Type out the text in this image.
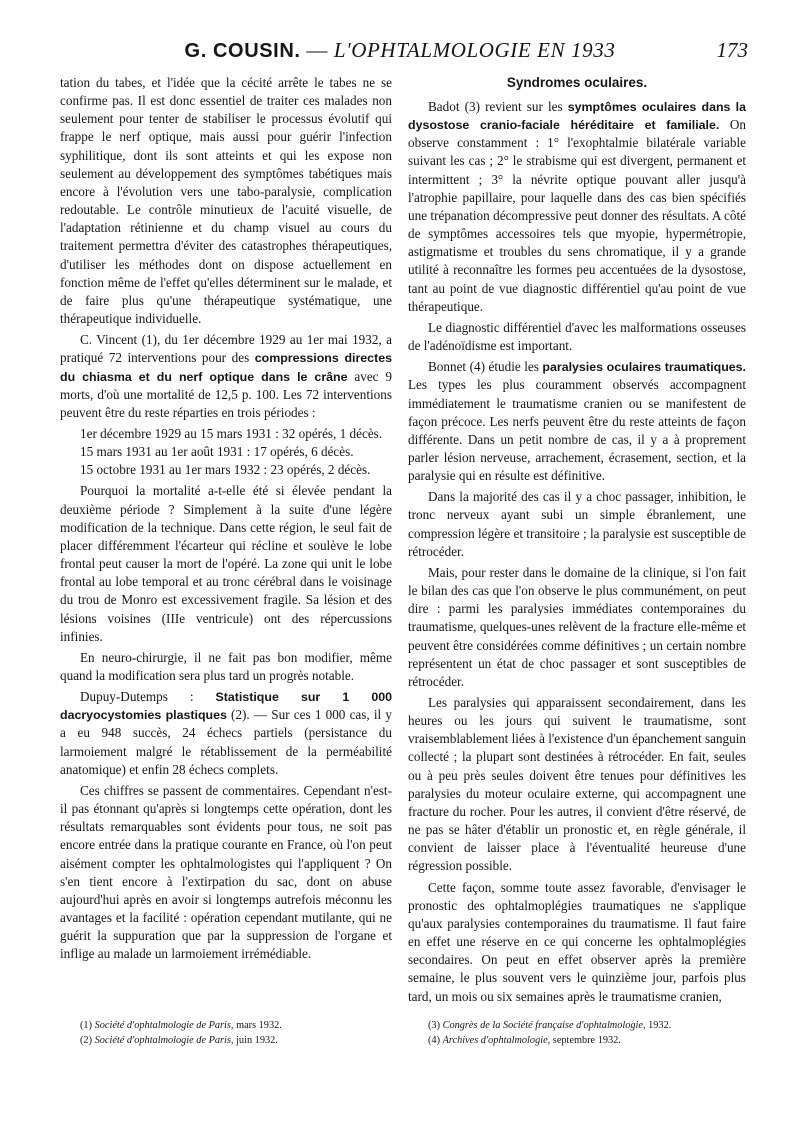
G. COUSIN. — L'OPHTALMOLOGIE EN 1933	173

tation du tabes, et l'idée que la cécité arrête le tabes ne se confirme pas. Il est donc essentiel de traiter ces malades non seulement pour tenter de stabiliser le processus évolutif qui frappe le nerf optique, mais aussi pour guérir l'infection syphilitique, dont ils sont atteints et qui les expose non seulement au développement des symptômes tabétiques mais encore à l'évolution vers une tabo-paralysie, complication redoutable. Le contrôle minutieux de l'acuité visuelle, de l'adaptation rétinienne et du champ visuel au cours du traitement permettra d'éviter des catastrophes thérapeutiques, d'utiliser les méthodes dont on dispose actuellement en fonction même de l'effet qu'elles déterminent sur le malade, et de faire plus qu'une thérapeutique systématique, une thérapeutique individuelle.

C. Vincent (1), du 1er décembre 1929 au 1er mai 1932, a pratiqué 72 interventions pour des compressions directes du chiasma et du nerf optique dans le crâne avec 9 morts, d'où une mortalité de 12,5 p. 100. Les 72 interventions peuvent être du reste réparties en trois périodes :

1er décembre 1929 au 15 mars 1931 : 32 opérés, 1 décès.

15 mars 1931 au 1er août 1931 : 17 opérés, 6 décès.

15 octobre 1931 au 1er mars 1932 : 23 opérés, 2 décès.

Pourquoi la mortalité a-t-elle été si élevée pendant la deuxième période ? Simplement à la suite d'une légère modification de la technique. Dans cette région, le seul fait de placer différemment l'écarteur qui récline et soulève le lobe frontal peut causer la mort de l'opéré. La zone qui unit le lobe frontal au lobe temporal et au tronc cérébral dans le voisinage du trou de Monro est excessivement fragile. Sa lésion et des lésions voisines (IIIe ventricule) ont des répercussions infinies.

En neuro-chirurgie, il ne fait pas bon modifier, même quand la modification sera plus tard un progrès notable.

Dupuy-Dutemps : Statistique sur 1 000 dacryocystomies plastiques (2). — Sur ces 1 000 cas, il y a eu 948 succès, 24 échecs partiels (persistance du larmoiement malgré le rétablissement de la perméabilité anatomique) et enfin 28 échecs complets.

Ces chiffres se passent de commentaires. Cependant n'est-il pas étonnant qu'après si longtemps cette opération, dont les résultats remarquables sont évidents pour tous, ne soit pas encore entrée dans la pratique courante en France, où l'on peut aisément compter les ophtalmologistes qui l'appliquent ? On s'en tient encore à l'extirpation du sac, dont on abuse aujourd'hui après en avoir si longtemps autrefois méconnu les avantages et la facilité : opération cependant mutilante, qui ne guérit la suppuration que par la suppression de l'organe et inflige au malade un larmoiement irrémédiable.

Syndromes oculaires.

Badot (3) revient sur les symptômes oculaires dans la dysostose cranio-faciale héréditaire et familiale. On observe constamment : 1° l'exophtalmie bilatérale variable suivant les cas ; 2° le strabisme qui est divergent, permanent et intermittent ; 3° la névrite optique pouvant aller jusqu'à l'atrophie papillaire, pour laquelle dans des cas bien spécifiés une trépanation décompressive peut donner des résultats. A côté de symptômes accessoires tels que myopie, hypermétropie, astigmatisme et troubles du sens chromatique, il y a grande utilité à reconnaître les formes peu accentuées de la dysostose, tant au point de vue diagnostic différentiel qu'au point de vue thérapeutique.

Le diagnostic différentiel d'avec les malformations osseuses de l'adénoïdisme est important.

Bonnet (4) étudie les paralysies oculaires traumatiques. Les types les plus couramment observés accompagnent immédiatement le traumatisme cranien ou se manifestent de façon précoce. Les nerfs peuvent être du reste atteints de façon différente. Dans un petit nombre de cas, il y a à proprement parler lésion nerveuse, arrachement, écrasement, section, et la paralysie qui en résulte est définitive.

Dans la majorité des cas il y a choc passager, inhibition, le tronc nerveux ayant subi un simple ébranlement, une compression légère et transitoire ; la paralysie est susceptible de rétrocéder.

Mais, pour rester dans le domaine de la clinique, si l'on fait le bilan des cas que l'on observe le plus communément, on peut dire : parmi les paralysies immédiates contemporaines du traumatisme, quelques-unes relèvent de la fracture elle-même et peuvent être considérées comme définitives ; un certain nombre représentent un état de choc passager et sont susceptibles de rétrocéder.

Les paralysies qui apparaissent secondairement, dans les heures ou les jours qui suivent le traumatisme, sont vraisemblablement liées à l'existence d'un épanchement sanguin collecté ; la plupart sont destinées à rétrocéder. En fait, seules ou à peu près seules doivent être tenues pour définitives les paralysies du moteur oculaire externe, qui accompagnent une fracture du rocher. Pour les autres, il convient d'être réservé, de ne pas se hâter d'établir un pronostic et, en règle générale, il convient de laisser place à l'éventualité heureuse d'une régression possible.

Cette façon, somme toute assez favorable, d'envisager le pronostic des ophtalmoplégies traumatiques ne s'applique qu'aux paralysies contemporaines du traumatisme. Il faut faire en effet une réserve en ce qui concerne les ophtalmoplégies secondaires. On peut en effet observer après la première semaine, le plus souvent vers le quinzième jour, parfois plus tard, un mois ou six semaines après le traumatisme cranien,

(1) Société d'ophtalmologie de Paris, mars 1932.
(2) Société d'ophtalmologie de Paris, juin 1932.
(3) Congrès de la Société française d'ophtalmologie, 1932.
(4) Archives d'ophtalmologie, septembre 1932.
